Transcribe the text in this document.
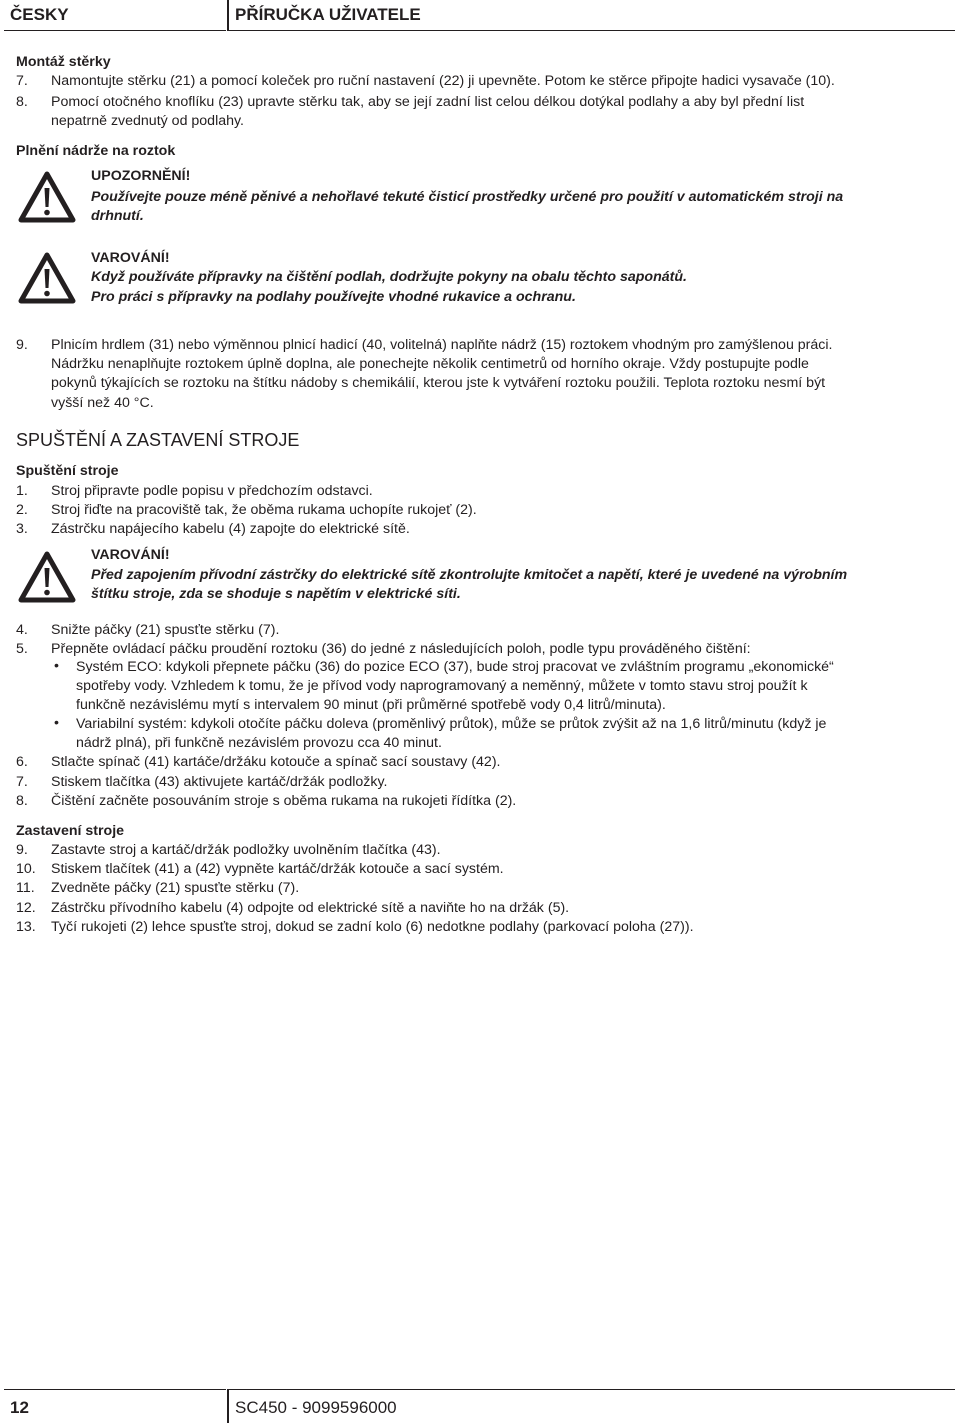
ČESKY	PŘÍRUČKA UŽIVATELE
Montáž stěrky
7. Namontujte stěrku (21) a pomocí koleček pro ruční nastavení (22) ji upevněte. Potom ke stěrce připojte hadici vysavače (10).
8. Pomocí otočného knoflíku (23) upravte stěrku tak, aby se její zadní list celou délkou dotýkal podlahy a aby byl přední list
nepatrně zvednutý od podlahy.
Plnění nádrže na roztok
UPOZORNĚNÍ!
Používejte pouze méně pěnivé a nehořlavé tekuté čisticí prostředky určené pro použití v automatickém stroji na
drhnutí.
VAROVÁNÍ!
Když používáte přípravky na čištění podlah, dodržujte pokyny na obalu těchto saponátů.
Pro práci s přípravky na podlahy používejte vhodné rukavice a ochranu.
9. Plnicím hrdlem (31) nebo výměnnou plnicí hadicí (40, volitelná) naplňte nádrž (15) roztokem vhodným pro zamýšlenou práci.
Nádržku nenaplňujte roztokem úplně doplna, ale ponechejte několik centimetrů od horního okraje. Vždy postupujte podle
pokynů týkajících se roztoku na štítku nádoby s chemikálií, kterou jste k vytváření roztoku použili. Teplota roztoku nesmí být
vyšší než 40 °C.
SPUŠTĚNÍ A ZASTAVENÍ STROJE
Spuštění stroje
1. Stroj připravte podle popisu v předchozím odstavci.
2. Stroj řiďte na pracoviště tak, že oběma rukama uchopíte rukojeť (2).
3. Zástrčku napájecího kabelu (4) zapojte do elektrické sítě.
VAROVÁNÍ!
Před zapojením přívodní zástrčky do elektrické sítě zkontrolujte kmitočet a napětí, které je uvedené na výrobním
štítku stroje, zda se shoduje s napětím v elektrické síti.
4. Snižte páčky (21) spusťte stěrku (7).
5. Přepněte ovládací páčku proudění roztoku (36) do jedné z následujících poloh, podle typu prováděného čištění:
• Systém ECO: kdykoli přepnete páčku (36) do pozice ECO (37), bude stroj pracovat ve zvláštním programu „ekonomické“
spotřeby vody. Vzhledem k tomu, že je přívod vody naprogramovaný a neměnný, můžete v tomto stavu stroj použít k
funkčně nezávislému mytí s intervalem 90 minut (při průměrné spotřebě vody 0,4 litrů/minuta).
• Variabilní systém: kdykoli otočíte páčku doleva (proměnlivý průtok), může se průtok zvýšit až na 1,6 litrů/minutu (když je
nádrž plná), při funkčně nezávislém provozu cca 40 minut.
6. Stlačte spínač (41) kartáče/držáku kotouče a spínač sací soustavy (42).
7. Stiskem tlačítka (43) aktivujete kartáč/držák podložky.
8. Čištění začněte posouváním stroje s oběma rukama na rukojeti řídítka (2).
Zastavení stroje
9. Zastavte stroj a kartáč/držák podložky uvolněním tlačítka (43).
10. Stiskem tlačítek (41) a (42) vypněte kartáč/držák kotouče a sací systém.
11. Zvedněte páčky (21) spusťte stěrku (7).
12. Zástrčku přívodního kabelu (4) odpojte od elektrické sítě a naviňte ho na držák (5).
13. Tyčí rukojeti (2) lehce spusťte stroj, dokud se zadní kolo (6) nedotkne podlahy (parkovací poloha (27)).
12	SC450 - 9099596000
